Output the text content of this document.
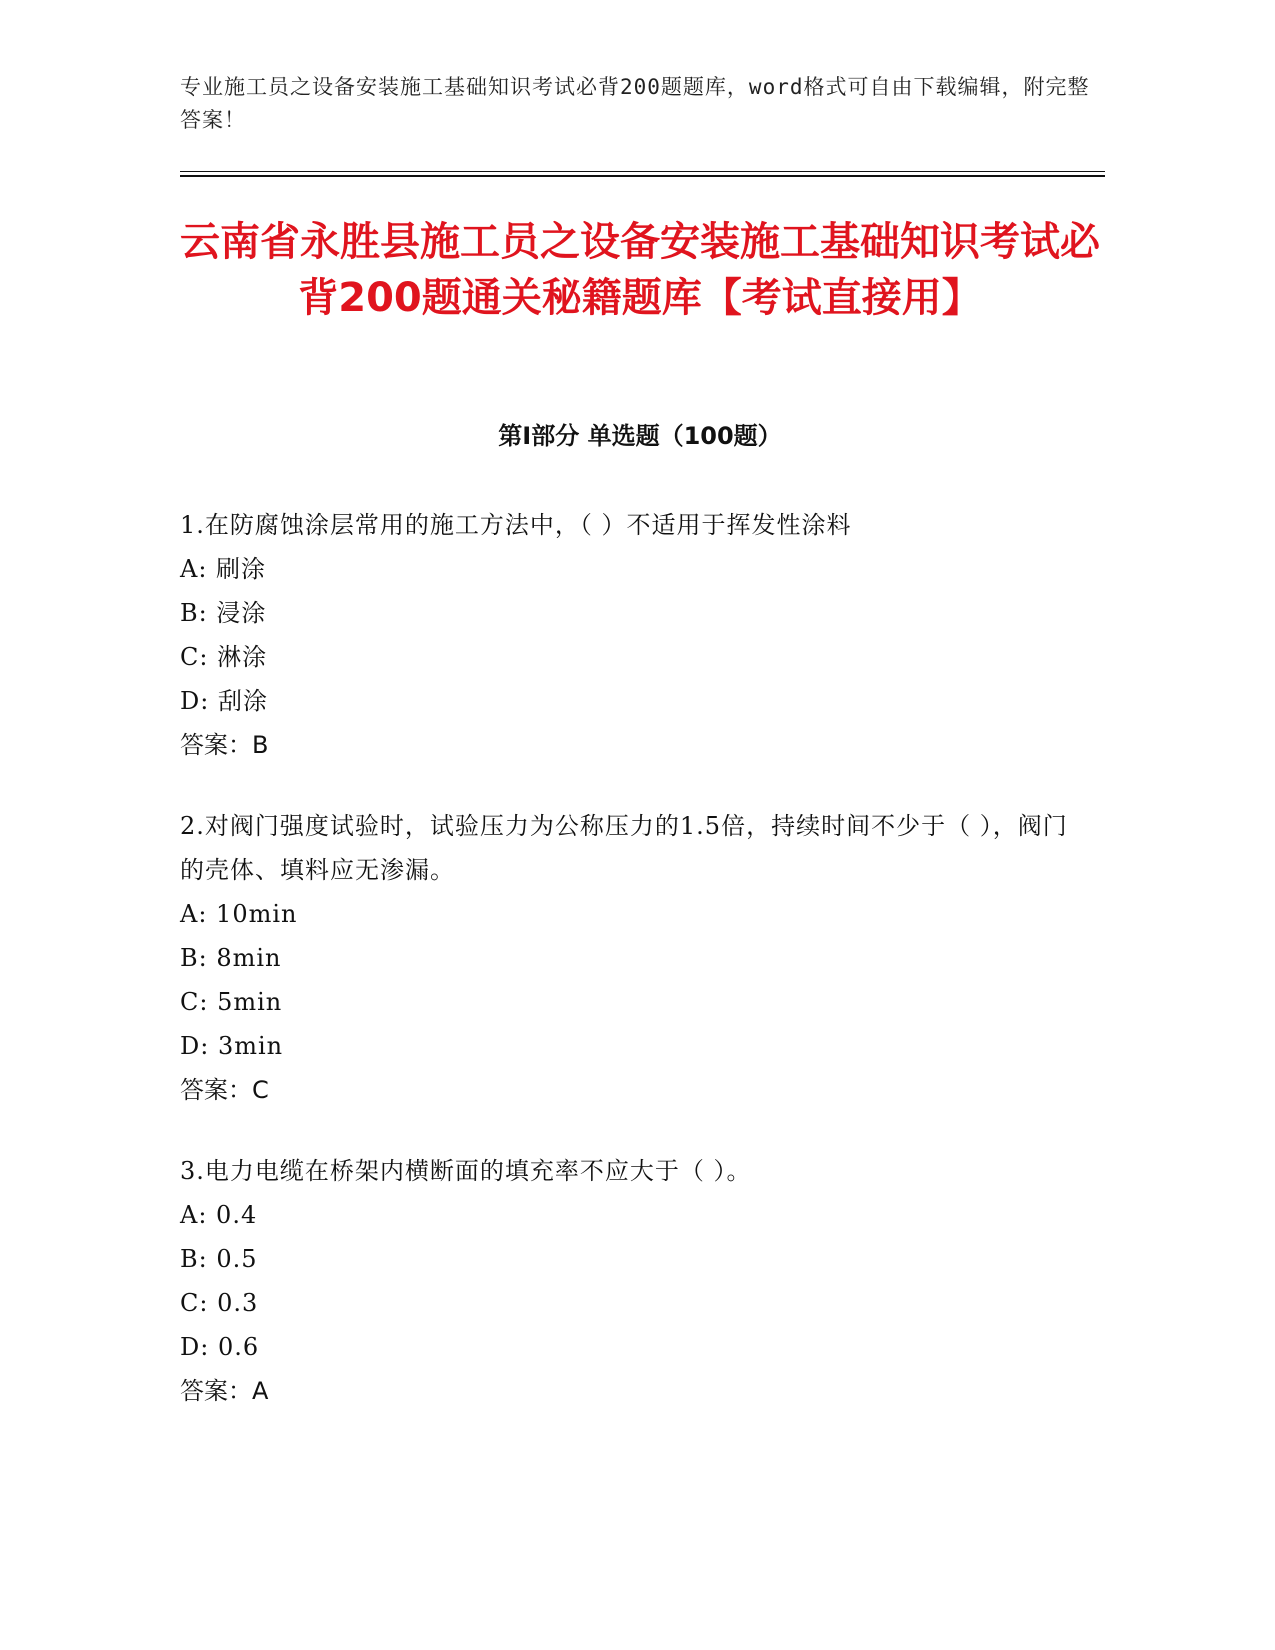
专业施工员之设备安装施工基础知识考试必背200题题库，word格式可自由下载编辑，附完整答案！
云南省永胜县施工员之设备安装施工基础知识考试必背200题通关秘籍题库【考试直接用】
第I部分 单选题（100题）

1.在防腐蚀涂层常用的施工方法中，（ ）不适用于挥发性涂料

A: 刷涂
B: 浸涂
C: 淋涂
D: 刮涂
答案：B

2.对阀门强度试验时，试验压力为公称压力的1.5倍，持续时间不少于（ ），阀门的壳体、填料应无渗漏。

A: 10min
B: 8min
C: 5min
D: 3min
答案：C

3.电力电缆在桥架内横断面的填充率不应大于（ ）。

A: 0.4
B: 0.5
C: 0.3
D: 0.6
答案：A
